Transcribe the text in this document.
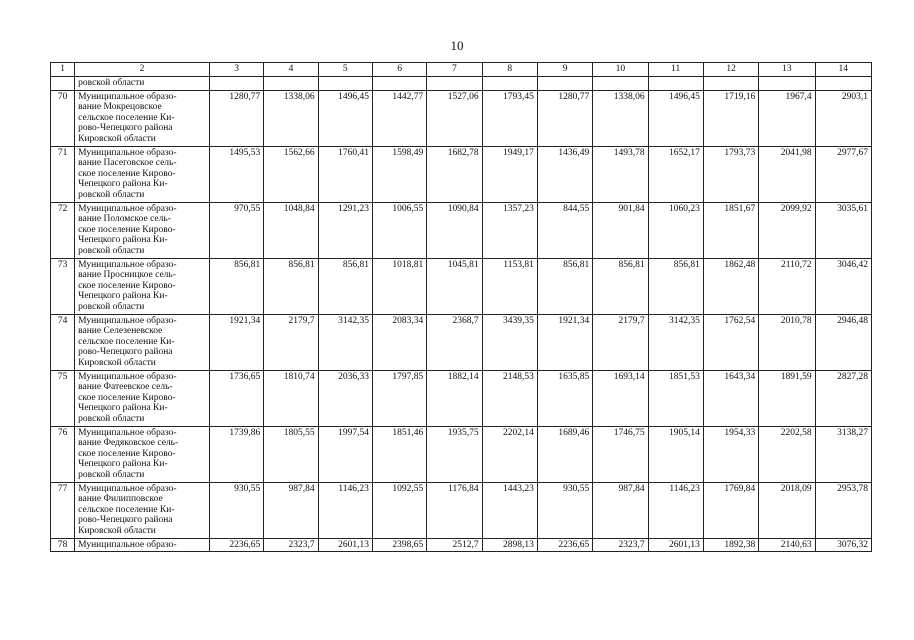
10
1	2	3	4	5	6	7	8	9	10	11	12	13	14
	ровской области												
70	Муниципальное образо-
вание Мокрецовское
сельское поселение Ки-
рово-Чепецкого района
Кировской области	1280,77	1338,06	1496,45	1442,77	1527,06	1793,45	1280,77	1338,06	1496,45	1719,16	1967,4	2903,1
71	Муниципальное образо-
вание Пасеговское сель-
ское поселение Кирово-
Чепецкого района Ки-
ровской области	1495,53	1562,66	1760,41	1598,49	1682,78	1949,17	1436,49	1493,78	1652,17	1793,73	2041,98	2977,67
72	Муниципальное образо-
вание Поломское сель-
ское поселение Кирово-
Чепецкого района Ки-
ровской области	970,55	1048,84	1291,23	1006,55	1090,84	1357,23	844,55	901,84	1060,23	1851,67	2099,92	3035,61
73	Муниципальное образо-
вание Просницкое сель-
ское поселение Кирово-
Чепецкого района Ки-
ровской области	856,81	856,81	856,81	1018,81	1045,81	1153,81	856,81	856,81	856,81	1862,48	2110,72	3046,42
74	Муниципальное образо-
вание Селезеневское
сельское поселение Ки-
рово-Чепецкого района
Кировской области	1921,34	2179,7	3142,35	2083,34	2368,7	3439,35	1921,34	2179,7	3142,35	1762,54	2010,78	2946,48
75	Муниципальное образо-
вание Фатеевское сель-
ское поселение Кирово-
Чепецкого района Ки-
ровской области	1736,65	1810,74	2036,33	1797,85	1882,14	2148,53	1635,85	1693,14	1851,53	1643,34	1891,59	2827,28
76	Муниципальное образо-
вание Федяковское сель-
ское поселение Кирово-
Чепецкого района Ки-
ровской области	1739,86	1805,55	1997,54	1851,46	1935,75	2202,14	1689,46	1746,75	1905,14	1954,33	2202,58	3138,27
77	Муниципальное образо-
вание Филипповское
сельское поселение Ки-
рово-Чепецкого района
Кировской области	930,55	987,84	1146,23	1092,55	1176,84	1443,23	930,55	987,84	1146,23	1769,84	2018,09	2953,78
78	Муниципальное образо-	2236,65	2323,7	2601,13	2398,65	2512,7	2898,13	2236,65	2323,7	2601,13	1892,38	2140,63	3076,32
